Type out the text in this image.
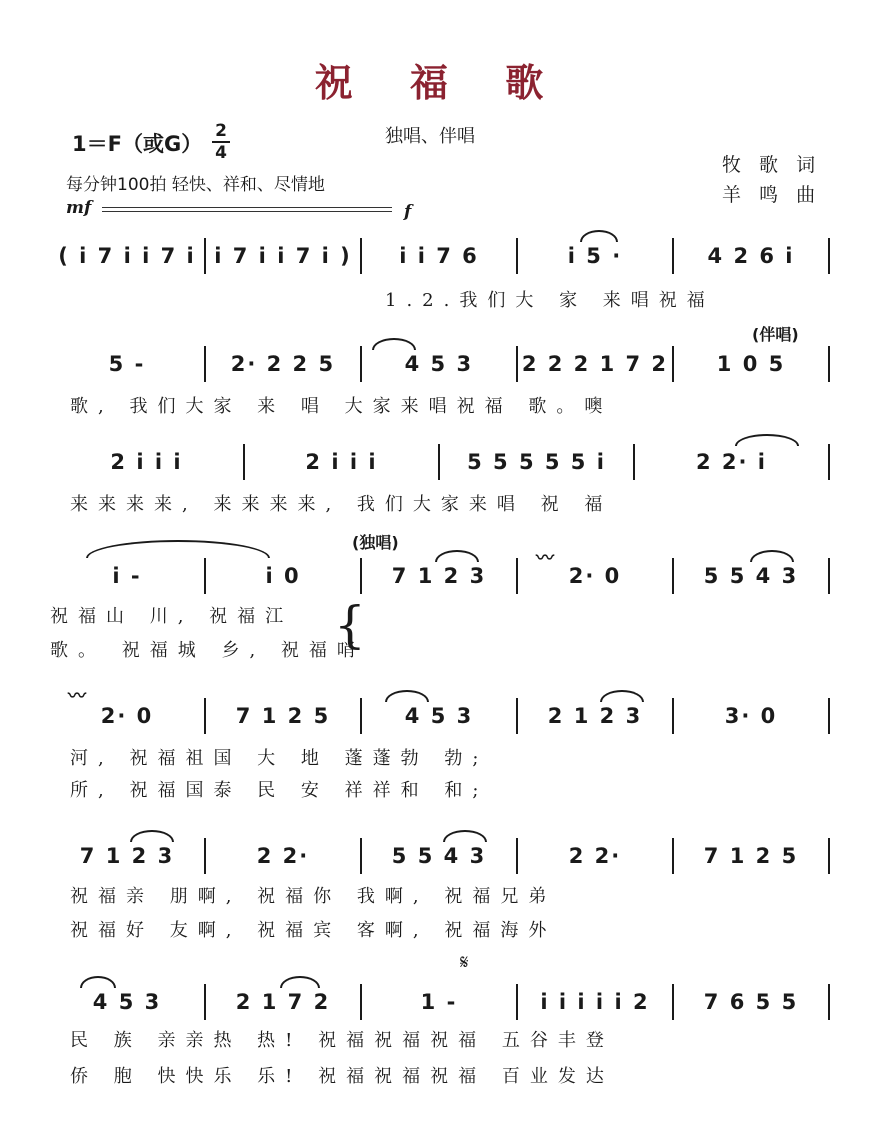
祝 福 歌
1＝F（或G）
2
4
独唱、伴唱
牧 歌 词
羊 鸣 曲
每分钟100拍 轻快、祥和、尽情地
mf	f
( i 7 i i 7 i i 7 i i 7 i )	i i 7 6	i 5 ·	4 2 6 i
1.2.我们大 家 来唱祝福
(伴唱)
5 -	2· 2 2 5	4 5 3	2 2 2 1 7 2	1 0 5
歌, 我们大家 来 唱 大家来唱祝福 歌。噢
2 i i i	2 i i i	5 5 5 5 5 i	2 2· i
来来来来, 来来来来, 我们大家来唱 祝 福
i -	i 0	7 1 2 3	2· 0	5 5 4 3
〰
祝福山 川, 祝福江
歌。 祝福城 乡, 祝福哨
(独唱)
{
2· 0	7 1 2 5	4 5 3	2 1 2 3	3· 0
〰
河, 祝福祖国 大 地 蓬蓬勃 勃;
所, 祝福国泰 民 安 祥祥和 和;
7 1 2 3	2 2·	5 5 4 3	2 2·	7 1 2 5
祝福亲 朋啊, 祝福你 我啊, 祝福兄弟
祝福好 友啊, 祝福宾 客啊, 祝福海外
𝄋
4 5 3	2 1 7 2	1 -	i i i i i 2	7 6 5 5
民 族 亲亲热 热! 祝福祝福祝福 五谷丰登
侨 胞 快快乐 乐! 祝福祝福祝福 百业发达
